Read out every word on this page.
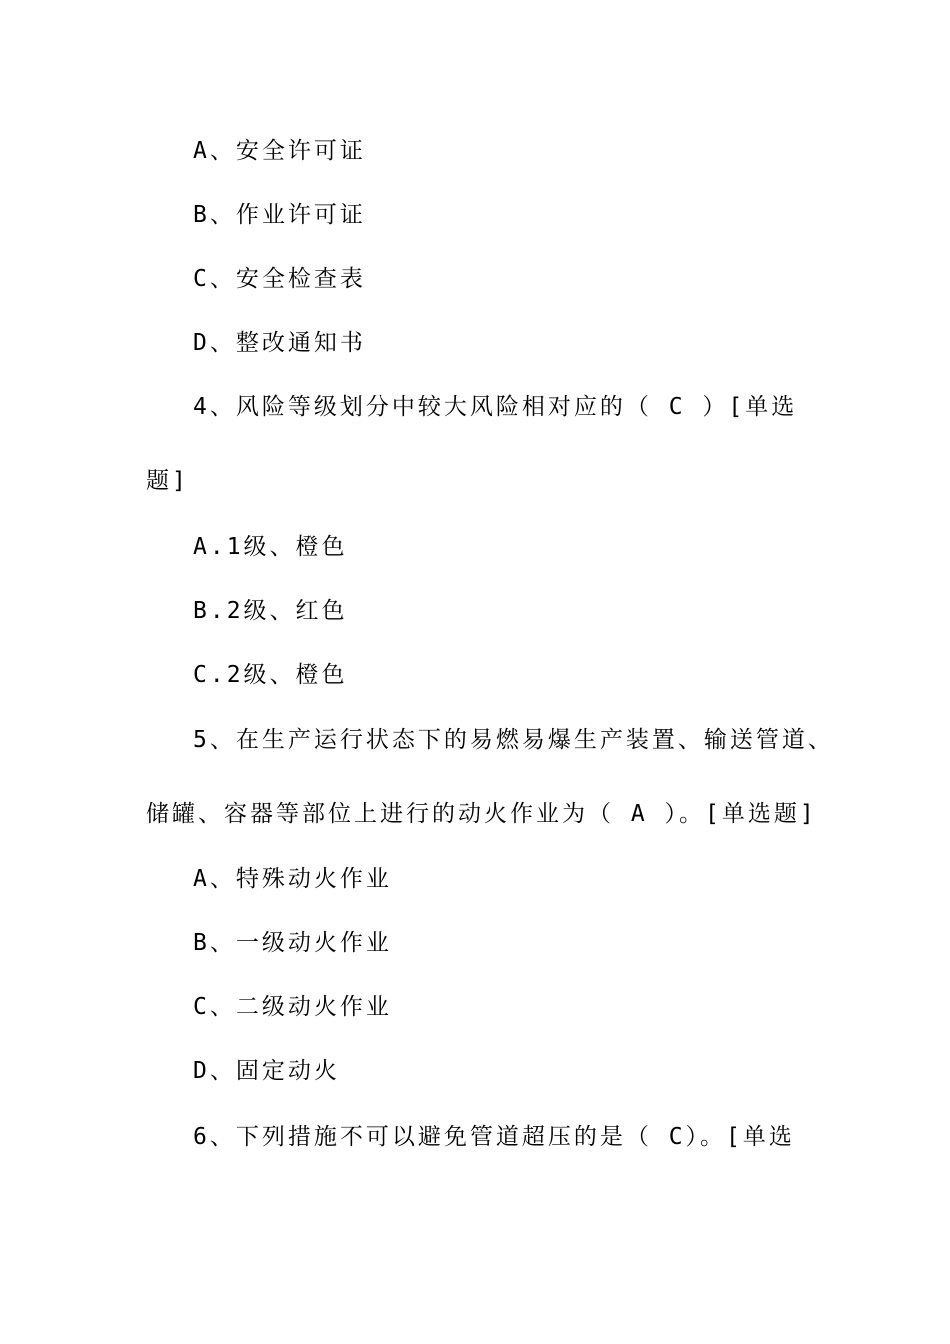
A、安全许可证
B、作业许可证
C、安全检查表
D、整改通知书
4、风险等级划分中较大风险相对应的（ C ）[单选
题]
A.1级、橙色
B.2级、红色
C.2级、橙色
5、在生产运行状态下的易燃易爆生产装置、输送管道、
储罐、容器等部位上进行的动火作业为（ A ）。[单选题]
A、特殊动火作业
B、一级动火作业
C、二级动火作业
D、固定动火
6、下列措施不可以避免管道超压的是（ C）。[单选
